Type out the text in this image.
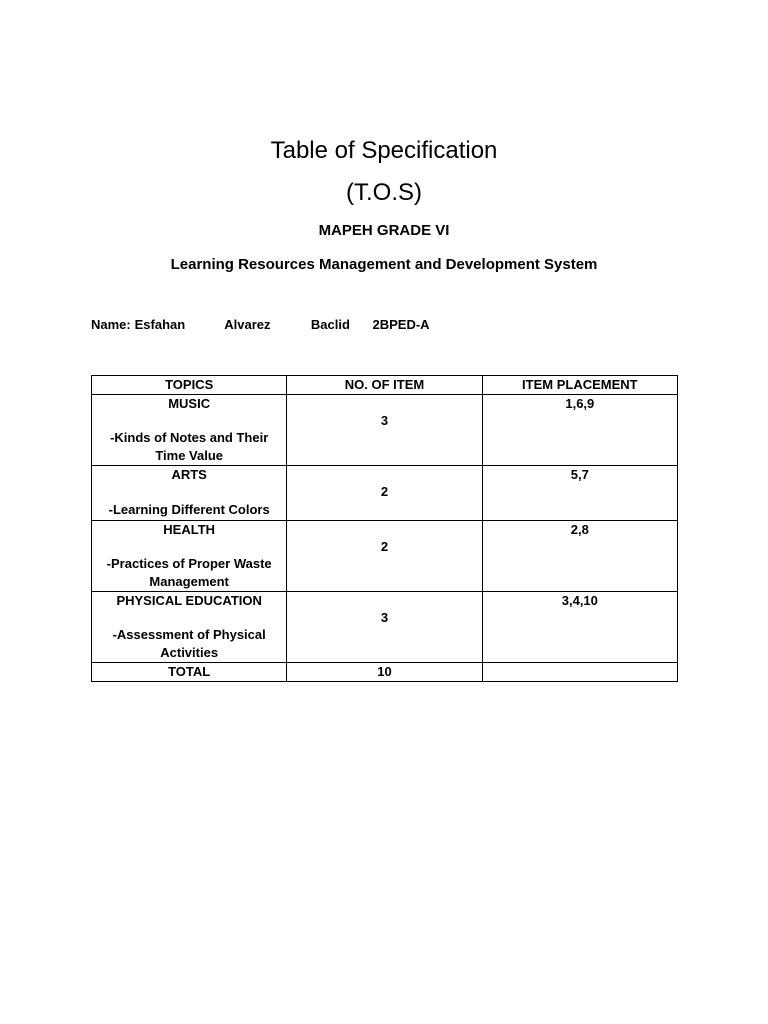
Table of Specification
(T.O.S)
MAPEH GRADE VI
Learning Resources Management and Development System
Name: Esfahan	Alvarez	Baclid 2BPED-A
TOPICS	NO. OF ITEM	ITEM PLACEMENT

MUSIC
-Kinds of Notes and Their Time Value	3	1,6,9

ARTS
-Learning Different Colors	2	5,7

HEALTH
-Practices of Proper Waste Management	2	2,8

PHYSICAL EDUCATION
-Assessment of Physical Activities	3	3,4,10
TOTAL	10	
